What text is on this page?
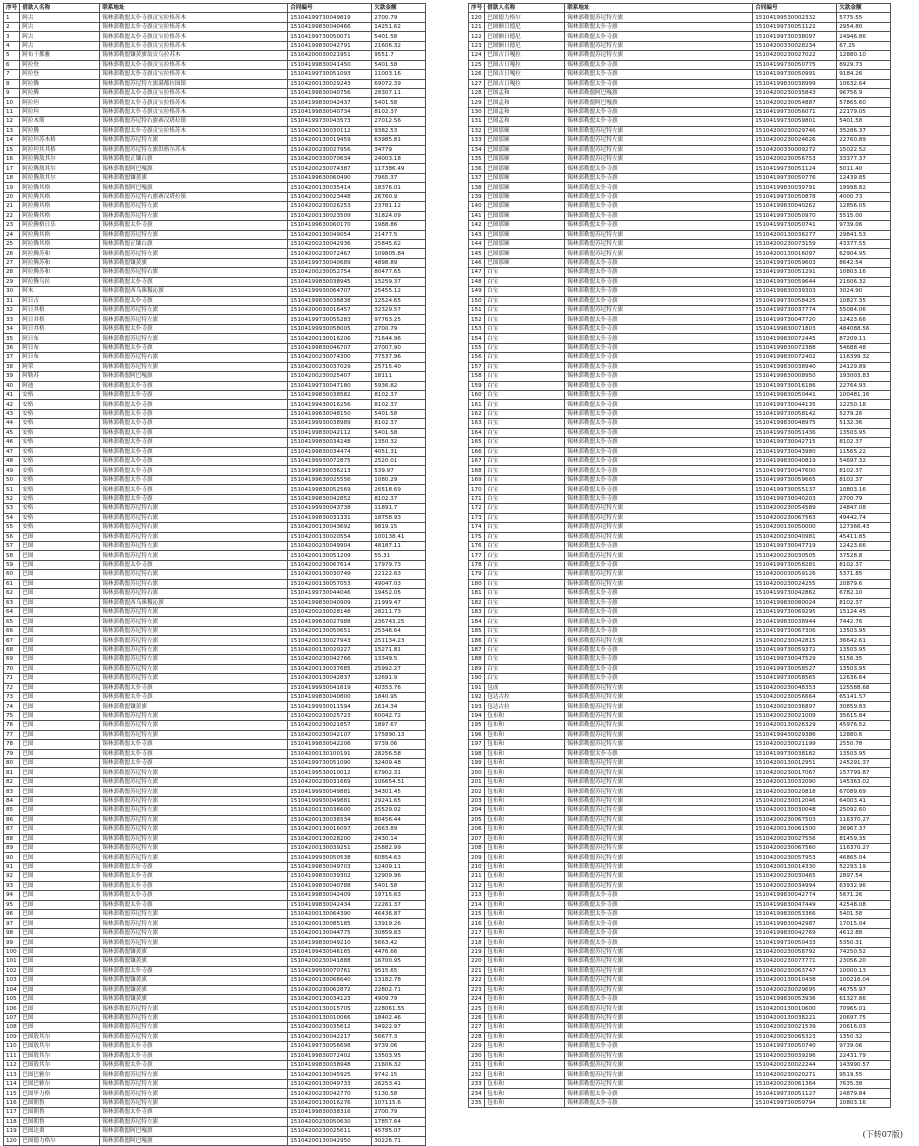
序号	借款人名称	联系地址	合同编号	欠款金额
1	阿古	锡林郭勒盟太仆寺旗贡宝拉格苏木	15104199730049819	2700.79
2	阿古	锡林郭勒盟太仆寺旗贡宝拉格苏木	15104199830040466	14251.62
3	阿古	锡林郭勒盟太仆寺旗贡宝拉格苏木	15104199730050071	5401.58
4	阿古	锡林郭勒盟太仆寺旗贡宝拉格苏木	15104199830042791	21606.32
5	阿布干都雅	锡林郭勒盟镶黄旗翁贡乌拉苏木	15104200030021951	9551.7
6	阿拉登	锡林郭勒盟太仆寺旗贡宝拉格苏木	15104199830041450	5401.58
7	阿拉登	锡林郭勒盟太仆寺旗贡宝拉格苏木	15104199730051093	11003.16
8	阿拉腾	锡林郭勒盟苏尼特左旗满都拉图镇	15104200130029243	69072.39
9	阿拉腾	锡林郭勒盟太仆寺旗贡宝拉格苏木	15104199830040756	28307.11
10	阿拉坦	锡林郭勒盟太仆寺旗贡宝拉格苏木	15104199830042437	5401.58
11	阿拉坦	锡林郭勒盟太仆寺旗贡宝拉格苏木	15104199830040734	8102.37
12	阿拉木斯	锡林郭勒盟苏尼特右旗赛汉塔拉镇	15104199730043573	27012.56
13	阿拉腾	锡林郭勒盟太仆寺旗贡宝拉格苏木	15104200130030112	9382.53
14	阿拉坦苏木格	锡林郭勒盟苏尼特左旗	15104200130019459	63985.81
15	阿拉坦其其格	锡林郭勒盟苏尼特左旗洪格尔苏木	15104200230027956	34779
16	阿拉腾敖其尔	锡林郭勒盟正镶白旗	15104200330070634	24003.18
17	阿拉腾敖其尔	锡林郭勒盟阿巴嘎旗	15104200230074387	117386.49
18	阿拉腾敖其尔	锡林郭勒盟镶黄旗	15104199630060490	7965.37
19	阿拉腾其格	锡林郭勒盟阿巴嘎旗	15104200130035414	18376.01
20	阿拉腾其格	锡林郭勒盟苏尼特右旗赛汉塔拉镇	15104200230023448	26760.9
21	阿拉腾其格	锡林郭勒盟苏尼特左旗	15104200230026253	23781.12
22	阿拉腾其格	锡林郭勒盟苏尼特左旗	15104200130023509	31824.09
23	阿拉腾格日乐	锡林郭勒盟太仆寺旗	15104199630060170	1988.86
24	阿拉腾其格	锡林郭勒盟苏尼特左旗	15104200130049054	21477.5
25	阿拉腾其格	锡林郭勒盟正镶白旗	15104200230042936	25845.62
26	阿拉腾苏和	锡林郭勒盟苏尼特左旗	15104200230072467	109805.84
27	阿拉腾苏和	锡林郭勒盟镶黄旗	15104199730040689	4898.89
28	阿拉腾苏和	锡林郭勒盟苏尼特右旗	15104200230052754	80477.65
29	阿拉腾乌拉	锡林郭勒盟太仆寺旗	15104199830038945	15259.37
30	阿木	锡林郭勒盟西乌珠穆沁旗	15104199930064707	25455.12
31	阿日吉	锡林郭勒盟太仆寺旗	15104199830036838	12524.65
32	阿日其格	锡林郭勒盟苏尼特左旗	15104200030016457	32329.57
33	阿日其格	锡林郭勒盟苏尼特左旗	15104199730055283	97763.25
34	阿日其格	锡林郭勒盟太仆寺旗	15104199930058005	2700.79
35	阿日布	锡林郭勒盟苏尼特左旗	15104200130016206	71644.96
36	阿日布	锡林郭勒盟太仆寺旗	15104199830046707	27007.90
37	阿日布	锡林郭勒盟苏尼特右旗	15104200230074300	77537.96
38	阿荣	锡林郭勒盟苏尼特左旗	15104200230037029	25715.40
39	阿勒苏	锡林郭勒盟阿巴嘎旗	15104200230025407	18111
40	阿迪	锡林郭勒盟太仆寺旗	15104199730047180	5936.82
41	安格	锡林郭勒盟太仆寺旗	15104199830038582	8102.37
42	安格	锡林郭勒盟太仆寺旗	15104199430016256	8102.37
43	安格	锡林郭勒盟太仆寺旗	15104199630048150	5401.58
44	安格	锡林郭勒盟太仆寺旗	15104199930038989	8102.37
45	安格	锡林郭勒盟太仆寺旗	15104199830042112	5401.58
46	安格	锡林郭勒盟太仆寺旗	15104199830034248	1350.32
47	安格	锡林郭勒盟太仆寺旗	15104199830034474	4051.31
48	安格	锡林郭勒盟太仆寺旗	15104199930072875	2520.01
49	安格	锡林郭勒盟太仆寺旗	15104199830036213	539.97
50	安格	锡林郭勒盟太仆寺旗	15104199630025556	1080.29
51	安格	锡林郭勒盟太仆寺旗	15104199830052569	26518.69
52	安格	锡林郭勒盟太仆寺旗	15104199830042852	8102.37
53	安格	锡林郭勒盟苏尼特右旗	15104199930043738	11891.7
54	安格	锡林郭勒盟苏尼特右旗	15104199830031331	18758.93
55	安格	锡林郭勒盟苏尼特右旗	15104200130043692	9819.15
56	巴图	锡林郭勒盟苏尼特左旗	15104200130020554	100138.41
57	巴图	锡林郭勒盟苏尼特左旗	15104200230049904	48187.11
58	巴图	锡林郭勒盟苏尼特左旗	15104200130051209	55.31
59	巴图	锡林郭勒盟太仆寺旗	15104200230067614	17979.73
60	巴图	锡林郭勒盟苏尼特右旗	15104200130030749	22122.63
61	巴图	锡林郭勒盟苏尼特右旗	15104200130057053	49047.03
62	巴图	锡林郭勒盟苏尼特右旗	15104199730044046	19452.05
63	巴图	锡林郭勒盟西乌珠穆沁旗	15104199830040909	21999.47
64	巴图	锡林郭勒盟苏尼特左旗	15104200230028148	28211.73
65	巴图	锡林郭勒盟苏尼特左旗	15104199630027988	236743.25
66	巴图	锡林郭勒盟苏尼特左旗	15104200130050651	25346.64
67	巴图	锡林郭勒盟苏尼特左旗	15104200130027943	251134.23
68	巴图	锡林郭勒盟苏尼特左旗	15104200130020227	15271.81
69	巴图	锡林郭勒盟苏尼特左旗	15104200230042766	13349.5
70	巴图	锡林郭勒盟苏尼特左旗	15104200130037685	25992.27
71	巴图	锡林郭勒盟苏尼特左旗	15104200130042837	12691.9
72	巴图	锡林郭勒盟太仆寺旗	15104199930041619	40353.76
73	巴图	锡林郭勒盟太仆寺旗	15104199830040800	1840.95
74	巴图	锡林郭勒盟镶黄旗	15104199930011594	2614.34
75	巴图	锡林郭勒盟苏尼特左旗	15104200230025723	60042.72
76	巴图	锡林郭勒盟苏尼特左旗	15104200230021857	1897.67
77	巴图	锡林郭勒盟苏尼特左旗	15104200230042107	175890.13
78	巴图	锡林郭勒盟太仆寺旗	15104199830042206	9739.06
79	巴图	锡林郭勒盟太仆寺旗	15104200130100191	28256.58
80	巴图	锡林郭勒盟太仆寺旗	15104199730051090	32409.48
81	巴图	锡林郭勒盟苏尼特左旗	15104199530010012	67902.31
82	巴图	锡林郭勒盟苏尼特左旗	15104200230031669	106654.51
83	巴图	锡林郭勒盟苏尼特左旗	15104199930049881	34301.45
84	巴图	锡林郭勒盟苏尼特左旗	15104199930049881	29241.65
85	巴图	锡林郭勒盟苏尼特左旗	15104200130036600	25529.02
86	巴图	锡林郭勒盟苏尼特左旗	15104200130036534	80456.44
87	巴图	锡林郭勒盟苏尼特左旗	15104200130016097	2663.89
88	巴图	锡林郭勒盟苏尼特左旗	15104200130028200	2430.14
89	巴图	锡林郭勒盟苏尼特左旗	15104200130039251	25882.99
90	巴图	锡林郭勒盟苏尼特左旗	15104199930050538	60854.63
91	巴图	锡林郭勒盟太仆寺旗	15104199830049703	12409.11
92	巴图	锡林郭勒盟太仆寺旗	15104199830039302	12909.96
93	巴图	锡林郭勒盟太仆寺旗	15104199830040788	5401.58
94	巴图	锡林郭勒盟太仆寺旗	15104199830042409	19715.63
95	巴图	锡林郭勒盟太仆寺旗	15104199830042434	22261.37
96	巴图	锡林郭勒盟苏尼特左旗	15104200130064390	46436.87
97	巴图	锡林郭勒盟苏尼特左旗	15104200130085185	13919.26
98	巴图	锡林郭勒盟苏尼特左旗	15104200130044775	30859.83
99	巴图	锡林郭勒盟苏尼特左旗	15104199830049210	5663.42
100	巴图	锡林郭勒盟镶黄旗	15104199430046165	4476.66
101	巴图	锡林郭勒盟镶黄旗	15104200230041888	16700.95
102	巴图	锡林郭勒盟太仆寺旗	15104199930070761	9515.65
103	巴图	锡林郭勒盟镶黄旗	15104200130066640	13182.78
104	巴图	锡林郭勒盟镶黄旗	15104200230062872	22802.71
105	巴图	锡林郭勒盟镶黄旗	15104200130034123	4909.79
106	巴图	锡林郭勒盟苏尼特左旗	15104200130015705	228061.55
107	巴图	锡林郭勒盟苏尼特左旗	15104200130010066	18402.46
108	巴图	锡林郭勒盟苏尼特左旗	15104200230035612	34922.97
109	巴图敖其尔	锡林郭勒盟苏尼特左旗	15104200230042217	56677.3
110	巴图敖其尔	锡林郭勒盟太仆寺旗	15104199730056698	9739.06
111	巴图敖其尔	锡林郭勒盟太仆寺旗	15104199830072402	13503.95
112	巴图敖其尔	锡林郭勒盟太仆寺旗	15104199830038948	21606.32
113	巴图巴雅尔	锡林郭勒盟苏尼特左旗	15104200130045925	9742.15
114	巴图巴雅尔	锡林郭勒盟苏尼特左旗	15104200130049733	26253.41
115	巴图毕力格	锡林郭勒盟苏尼特左旗	15104200230042770	5130.58
116	巴图朝鲁	锡林郭勒盟苏尼特左旗	15104200130016276	107115.6
117	巴图朝鲁	锡林郭勒盟太仆寺旗	15104199830038316	2700.79
118	巴图朝鲁	锡林郭勒盟苏尼特左旗	15104200230050630	17857.64
119	巴图达赉	锡林郭勒盟阿巴嘎旗	15104200230025611	45785.07
120	巴图德力格尔	锡林郭勒盟阿巴嘎旗	15104200130042950	30226.71
序号	借款人名称	联系地址	合同编号	欠款金额
120	巴图德力格尔	锡林郭勒盟苏尼特左旗	15104199530002332	5775.55
121	巴图额日德尼	锡林郭勒盟太仆寺旗	15104199730051122	2954.80
122	巴图额日德尼	锡林郭勒盟太仆寺旗	15104199730038097	24946.86
123	巴图额日德尼	锡林郭勒盟苏尼特左旗	15104200330028234	67.25
124	巴图吉日嘎拉	锡林郭勒盟苏尼特左旗	15104200230027022	12880.10
125	巴图吉日嘎拉	锡林郭勒盟太仆寺旗	15104199730050775	8929.73
126	巴图吉日嘎拉	锡林郭勒盟太仆寺旗	15104199730050991	9184.26
127	巴图吉日嘎拉	锡林郭勒盟太仆寺旗	15104199830038999	10632.64
128	巴图孟和	锡林郭勒盟阿巴嘎旗	15104200230035843	96756.9
129	巴图孟和	锡林郭勒盟阿巴嘎旗	15104200230054887	57865.60
130	巴图孟和	锡林郭勒盟太仆寺旗	15104199730056071	22179.05
131	巴图孟和	锡林郭勒盟太仆寺旗	15104199730059801	5401.58
132	巴图那顺	锡林郭勒盟苏尼特左旗	15104200230029746	35286.37
133	巴图那顺	锡林郭勒盟苏尼特左旗	15104200230024626	22760.89
134	巴图那顺	锡林郭勒盟苏尼特左旗	15104200330009272	15022.52
135	巴图那顺	锡林郭勒盟苏尼特左旗	15104200230056753	33377.37
136	巴图那顺	锡林郭勒盟太仆寺旗	15104199730051124	5011.40
137	巴图那顺	锡林郭勒盟太仆寺旗	15104199730050776	12439.85
138	巴图那顺	锡林郭勒盟太仆寺旗	15104199830039791	19998.82
139	巴图那顺	锡林郭勒盟太仆寺旗	15104199730050878	4000.73
140	巴图那顺	锡林郭勒盟太仆寺旗	15104199830040262	12856.05
141	巴图那顺	锡林郭勒盟太仆寺旗	15104199730050970	5515.00
142	巴图那顺	锡林郭勒盟太仆寺旗	15104199730050741	9739.06
143	巴图那顺	锡林郭勒盟苏尼特左旗	15104200130036277	29841.53
144	巴图那顺	锡林郭勒盟苏尼特左旗	15104200230073159	43377.55
145	巴图那顺	锡林郭勒盟苏尼特左旗	15104200130016097	62904.95
146	巴图那顺	锡林郭勒盟太仆寺旗	15104199730059603	8642.54
147	白宝	锡林郭勒盟太仆寺旗	15104199730051291	10803.16
148	白宝	锡林郭勒盟太仆寺旗	15104199730059644	21606.32
149	白宝	锡林郭勒盟太仆寺旗	15104199830039303	3024.90
150	白宝	锡林郭勒盟太仆寺旗	15104199730058425	10827.35
151	白宝	锡林郭勒盟苏尼特左旗	15104199730037774	55084.06
152	白宝	锡林郭勒盟太仆寺旗	15104199730047720	12423.66
153	白宝	锡林郭勒盟太仆寺旗	15104199830071803	484088.56
154	白宝	锡林郭勒盟太仆寺旗	15104199830072445	87209.11
155	白宝	锡林郭勒盟太仆寺旗	15104199830072388	54688.48
156	白宝	锡林郭勒盟太仆寺旗	15104199830072402	116399.32
157	白宝	锡林郭勒盟太仆寺旗	15104199830038940	24129.89
158	白宝	锡林郭勒盟太仆寺旗	15104199830008950	193003.83
159	白宝	锡林郭勒盟太仆寺旗	15104199730016186	22764.93
160	白宝	锡林郭勒盟太仆寺旗	15104199830050441	100481.16
161	白宝	锡林郭勒盟太仆寺旗	15104199730044135	12250.18
162	白宝	锡林郭勒盟太仆寺旗	15104199730058142	5279.26
163	白宝	锡林郭勒盟太仆寺旗	15104199830048975	5132.36
164	白宝	锡林郭勒盟太仆寺旗	15104199730051436	13503.95
165	白宝	锡林郭勒盟太仆寺旗	15104199730042715	8102.37
166	白宝	锡林郭勒盟太仆寺旗	15104199730043980	11565.22
167	白宝	锡林郭勒盟太仆寺旗	15104199830040819	54697.32
168	白宝	锡林郭勒盟太仆寺旗	15104199730047600	8102.37
169	白宝	锡林郭勒盟太仆寺旗	15104199730059665	8102.37
170	白宝	锡林郭勒盟太仆寺旗	15104199730055137	10803.16
171	白宝	锡林郭勒盟太仆寺旗	15104199730040203	2700.79
172	白宝	锡林郭勒盟苏尼特左旗	15104200230054589	24847.08
173	白宝	锡林郭勒盟苏尼特左旗	15104200230067563	49442.74
174	白宝	锡林郭勒盟苏尼特左旗	15104200130050000	127366.43
175	白宝	锡林郭勒盟苏尼特左旗	15104200230040981	45411.85
176	白宝	锡林郭勒盟太仆寺旗	15104199730047719	12423.66
177	白宝	锡林郭勒盟苏尼特左旗	15104200230030505	37528.8
178	白宝	锡林郭勒盟太仆寺旗	15104199730058281	8102.37
179	白宝	锡林郭勒盟苏尼特左旗	15104200030059126	5371.85
180	白宝	锡林郭勒盟苏尼特左旗	15104200230024255	20879.6
181	白宝	锡林郭勒盟太仆寺旗	15104199730042862	6782.10
182	白宝	锡林郭勒盟太仆寺旗	15104199830080024	8102.37
183	白宝	锡林郭勒盟太仆寺旗	15104199730069295	15124.45
184	白宝	锡林郭勒盟太仆寺旗	15104199830038944	7442.76
185	白宝	锡林郭勒盟太仆寺旗	15104199730067306	13503.95
186	白宝	锡林郭勒盟苏尼特左旗	15104200230042815	36642.61
187	白宝	锡林郭勒盟太仆寺旗	15104199730059372	13503.95
188	白宝	锡林郭勒盟太仆寺旗	15104199730047529	5156.35
189	白宝	锡林郭勒盟太仆寺旗	15104199730058527	13503.95
190	白宝	锡林郭勒盟太仆寺旗	15104199730058565	12636.64
191	包成	锡林郭勒盟苏尼特左旗	15104200230048353	125588.68
192	包达古拉	锡林郭勒盟苏尼特左旗	15104200230056664	65141.57
193	包达古拉	锡林郭勒盟苏尼特左旗	15104200230036897	30859.83
194	包布和	锡林郭勒盟苏尼特左旗	15104200230021009	35615.84
195	包布和	锡林郭勒盟苏尼特左旗	15104200130026329	45976.52
196	包布和	锡林郭勒盟苏尼特左旗	15104199430029386	12880.6
197	包布和	锡林郭勒盟苏尼特左旗	15104200230021199	2550.78
198	包布和	锡林郭勒盟太仆寺旗	15104199730038182	13503.95
199	包布和	锡林郭勒盟苏尼特左旗	15104200130012951	245291.37
200	包布和	锡林郭勒盟苏尼特左旗	15104200230017067	157799.87
201	包布和	锡林郭勒盟苏尼特左旗	15104200130032090	145363.02
202	包布和	锡林郭勒盟苏尼特左旗	15104200230020818	67089.69
203	包布和	锡林郭勒盟苏尼特左旗	15104200230012046	64003.41
204	包布和	锡林郭勒盟苏尼特左旗	15104200130030048	25092.60
205	包布和	锡林郭勒盟苏尼特左旗	15104200230067503	116370.27
206	包布和	锡林郭勒盟苏尼特左旗	15104200130061500	36967.37
207	包布和	锡林郭勒盟苏尼特左旗	15104200230027556	81459.35
208	包布和	锡林郭勒盟苏尼特左旗	15104200230067560	116370.27
209	包布和	锡林郭勒盟苏尼特左旗	15104200230057953	46865.04
210	包布和	锡林郭勒盟苏尼特左旗	15104200130014330	52293.19
211	包布和	锡林郭勒盟苏尼特左旗	15104200230030465	2897.54
212	包布和	锡林郭勒盟苏尼特左旗	15104200230034994	63932.96
213	包布和	锡林郭勒盟太仆寺旗	15104199830042774	5671.26
214	包布和	锡林郭勒盟太仆寺旗	15104199830047449	42548.08
215	包布和	锡林郭勒盟太仆寺旗	15104199830053366	5401.58
216	包布和	锡林郭勒盟太仆寺旗	15104199830042987	17015.04
217	包布和	锡林郭勒盟太仆寺旗	15104199830042769	4612.88
218	包布和	锡林郭勒盟太仆寺旗	15104199730050433	5350.31
219	包布和	锡林郭勒盟苏尼特左旗	15104200230058792	74250.52
220	包布和	锡林郭勒盟苏尼特左旗	15104200230077771	23056.20
221	包布和	锡林郭勒盟苏尼特左旗	15104200230063747	10000.13
222	包布和	锡林郭勒盟苏尼特左旗	15104200130010438	100216.04
223	包布和	锡林郭勒盟苏尼特左旗	15104200230029695	46755.97
224	包布和	锡林郭勒盟太仆寺旗	15104199830053936	61327.86
225	包布和	锡林郭勒盟苏尼特左旗	15104200130010600	70965.01
226	包布和	锡林郭勒盟苏尼特左旗	15104200130038221	20697.75
227	包布和	锡林郭勒盟苏尼特左旗	15104200230021539	20616.03
228	包布和	锡林郭勒盟苏尼特左旗	15104200230065323	1350.32
229	包布和	锡林郭勒盟太仆寺旗	15104199730050740	9739.06
230	包布和	锡林郭勒盟苏尼特左旗	15104200230039296	22431.79
231	包布和	锡林郭勒盟苏尼特左旗	15104200230022244	143990.57
232	包布和	锡林郭勒盟苏尼特左旗	15104200230020271	9519.55
233	包布和	锡林郭勒盟苏尼特左旗	15104200230061364	7635.38
234	包布和	锡林郭勒盟太仆寺旗	15104199730051127	24879.84
235	包布和	锡林郭勒盟太仆寺旗	15104199730059794	10803.16
(下转07版)
